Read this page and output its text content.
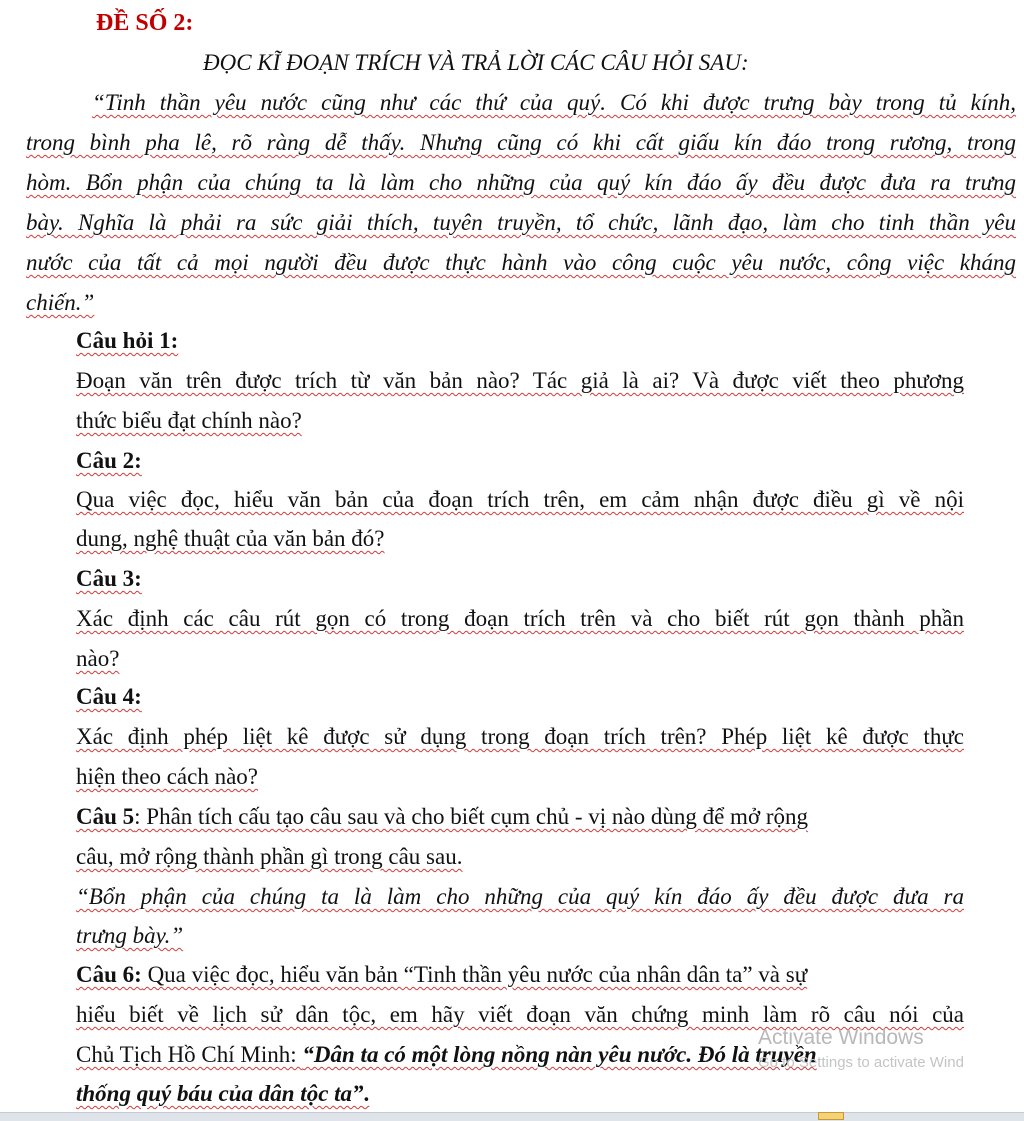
ĐỀ SỐ 2:
ĐỌC KĨ ĐOẠN TRÍCH VÀ TRẢ LỜI CÁC CÂU HỎI SAU:
“Tinh thần yêu nước cũng như các thứ của quý. Có khi được trưng bày trong tủ kính,
trong bình pha lê, rõ ràng dễ thấy. Nhưng cũng có khi cất giấu kín đáo trong rương, trong
hòm. Bổn phận của chúng ta là làm cho những của quý kín đáo ấy đều được đưa ra trưng
bày. Nghĩa là phải ra sức giải thích, tuyên truyền, tổ chức, lãnh đạo, làm cho tinh thần yêu
nước của tất cả mọi người đều được thực hành vào công cuộc yêu nước, công việc kháng
chiến.”
Câu hỏi 1:
Đoạn văn trên được trích từ văn bản nào? Tác giả là ai? Và được viết theo phương
thức biểu đạt chính nào?
Câu 2:
Qua việc đọc, hiểu văn bản của đoạn trích trên, em cảm nhận được điều gì về nội
dung, nghệ thuật của văn bản đó?
Câu 3:
Xác định các câu rút gọn có trong đoạn trích trên và cho biết rút gọn thành phần
nào?
Câu 4:
Xác định phép liệt kê được sử dụng trong đoạn trích trên? Phép liệt kê được thực
hiện theo cách nào?
Câu 5: Phân tích cấu tạo câu sau và cho biết cụm chủ - vị nào dùng để mở rộng
câu, mở rộng thành phần gì trong câu sau.
“Bổn phận của chúng ta là làm cho những của quý kín đáo ấy đều được đưa ra
trưng bày.”
Câu 6: Qua việc đọc, hiểu văn bản “Tinh thần yêu nước của nhân dân ta” và sự
hiểu biết về lịch sử dân tộc, em hãy viết đoạn văn chứng minh làm rõ câu nói của
Chủ Tịch Hồ Chí Minh: “Dân ta có một lòng nồng nàn yêu nước. Đó là truyền
thống quý báu của dân tộc ta”.
Activate Windows
Go to Settings to activate Wind
